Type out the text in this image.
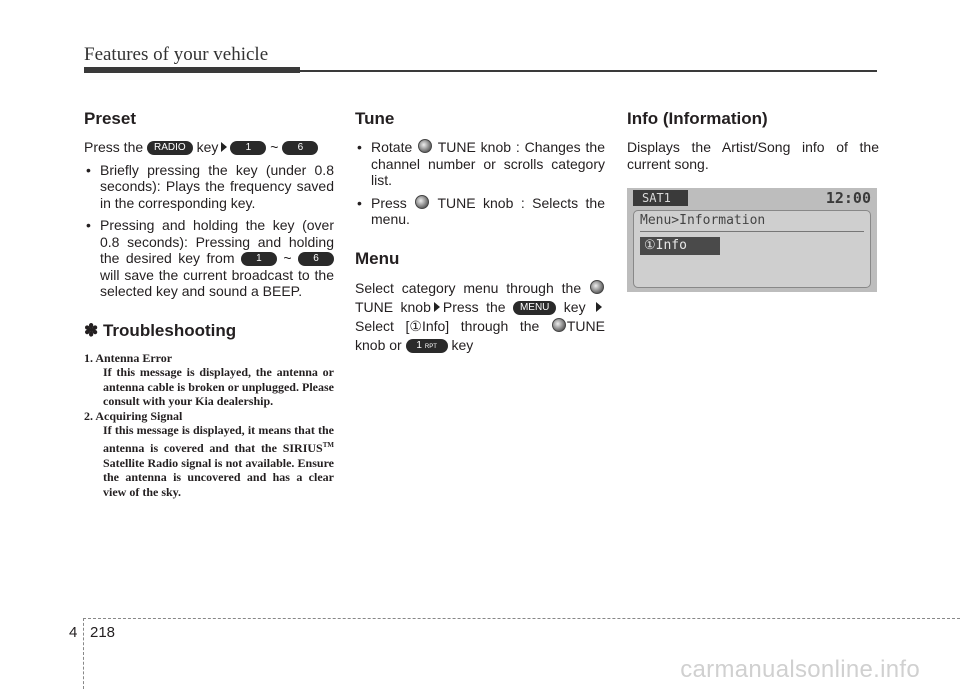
Features of your vehicle
Preset

Press the RADIO key	1 ~ 6

• Briefly pressing the key (under 0.8 seconds): Plays the frequency saved in the corresponding key.
• Pressing and holding the key (over 0.8 seconds): Pressing and holding the desired key from 1 ~ 6 will save the current broadcast to the selected key and sound a BEEP.
✽ Troubleshooting
1. Antenna Error
If this message is displayed, the antenna or antenna cable is broken or unplugged. Please consult with your Kia dealership.
2. Acquiring Signal
If this message is displayed, it means that the antenna is covered and that the SIRIUS™ Satellite Radio signal is not available. Ensure the antenna is uncovered and has a clear view of the sky.
Tune
• Rotate TUNE knob : Changes the channel number or scrolls category list.
• Press TUNE knob : Selects the menu.
Menu

Select category menu through the TUNE knob Press the MENU key Select [①Info] through the TUNE knob or 1 RPT key

Info (Information)

Displays the Artist/Song info of the current song.

SAT1	12:00
Menu>Information
①Info
4 218
carmanualsonline.info
